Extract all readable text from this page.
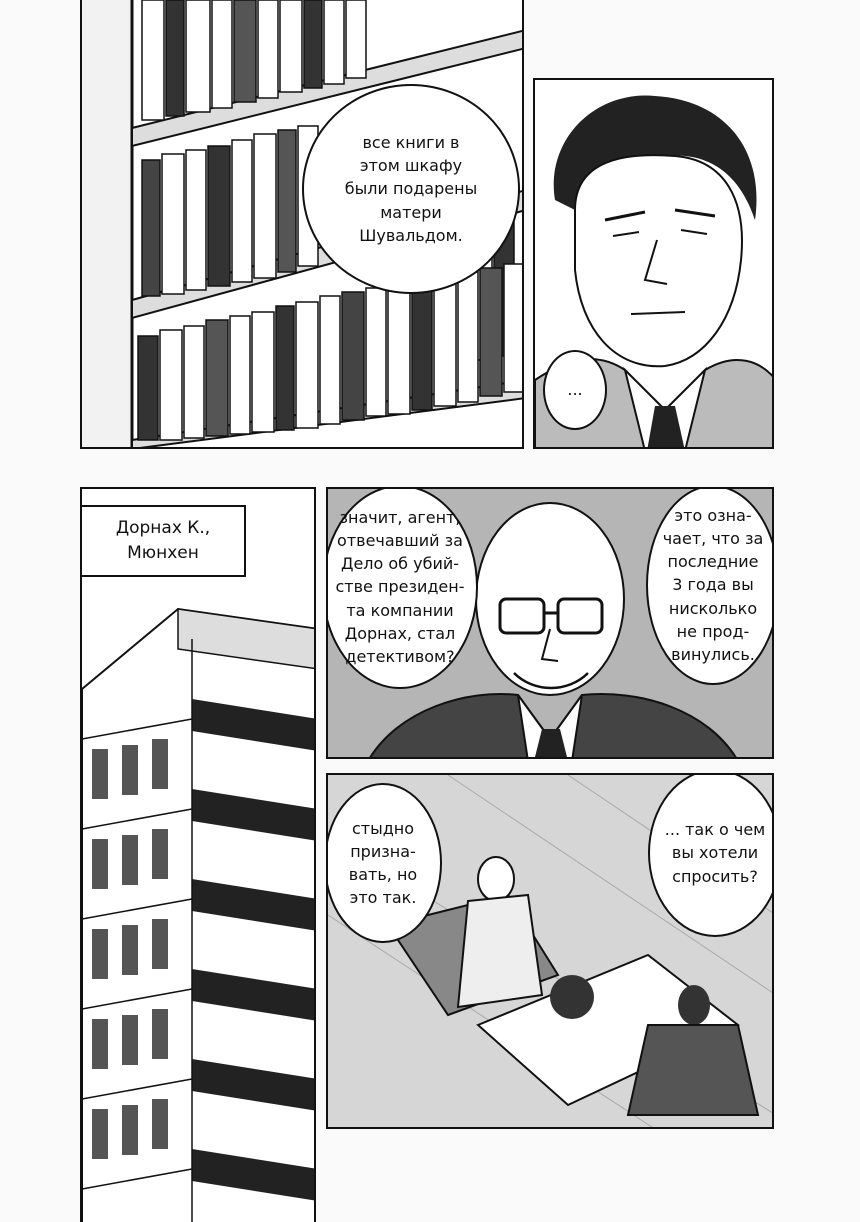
все книги в
этом шкафу
были подарены
матери
Шувальдом.
...
Дорнах К.,
Мюнхен
значит, агент,
отвечавший за
Дело об убий-
стве президен-
та компании
Дорнах, стал
детективом?
это озна-
чает, что за
последние
3 года вы
нисколько
не прод-
винулись.
стыдно
призна-
вать, но
это так.
... так о чем
вы хотели
спросить?
